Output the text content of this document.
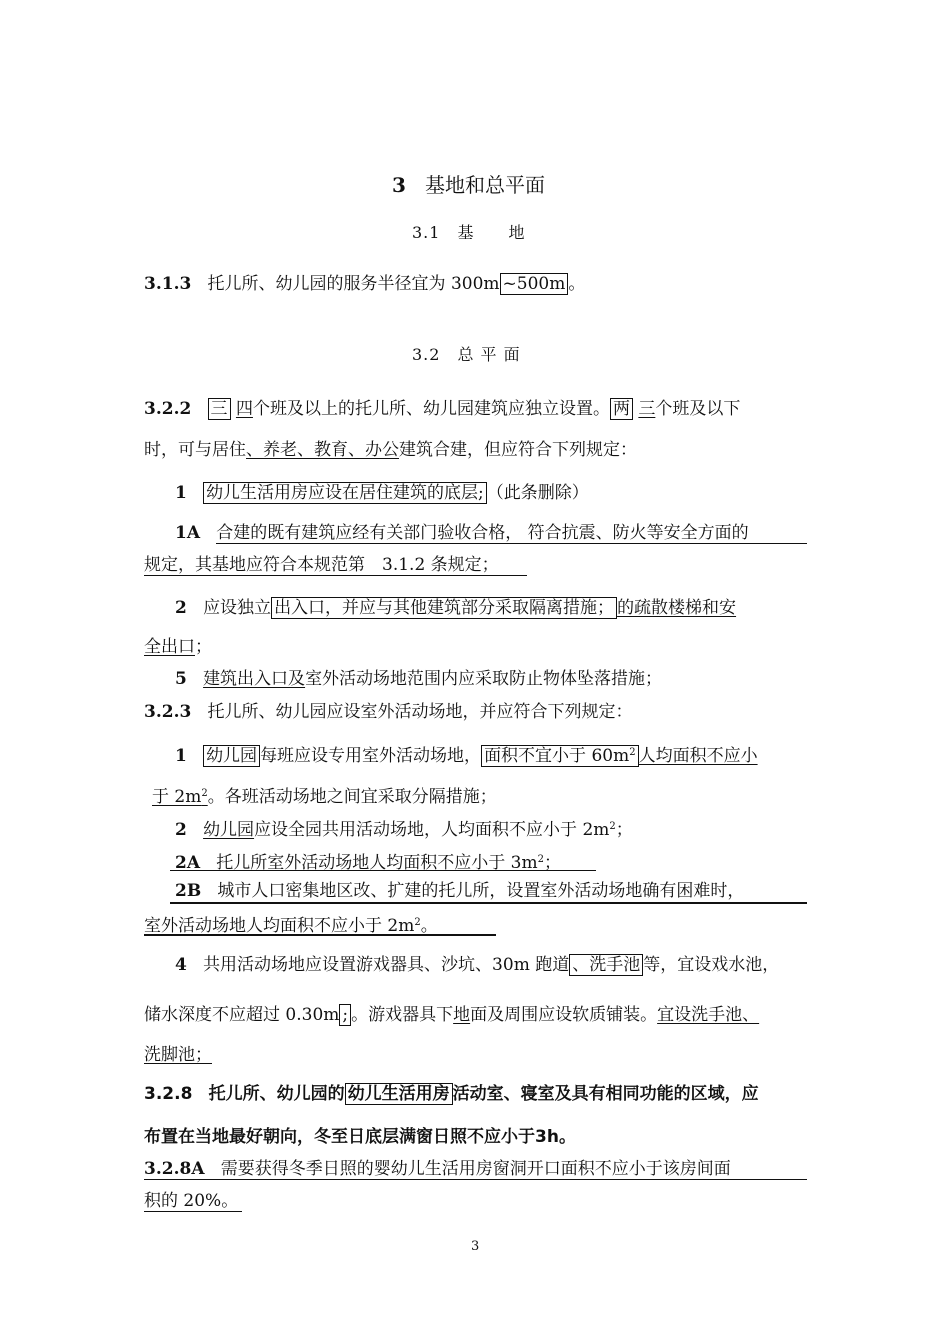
3 基地和总平面
3.1　基　　地
3.1.3 托儿所、幼儿园的服务半径宜为 300m ~500m 。
3.2　总 平 面
3.2.2 三 四个班及以上的托儿所、幼儿园建筑应独立设置。 两 三个班及以下
时，可与居住、养老、教育、办公建筑合建，但应符合下列规定：
1 幼儿生活用房应设在居住建筑的底层; （此条删除）
1A 合建的既有建筑应经有关部门验收合格， 符合抗震、防火等安全方面的
规定，其基地应符合本规范第　3.1.2 条规定；
2 应设独立 出入口，并应与其他建筑部分采取隔离措施； 的疏散楼梯和安
全出口；
5 建筑出入口及室外活动场地范围内应采取防止物体坠落措施；
3.2.3 托儿所、幼儿园应设室外活动场地，并应符合下列规定：
1 幼儿园 每班应设专用室外活动场地， 面积不宜小于 $60m^2$ 人均面积不应小
于 $2m^2$。各班活动场地之间宜采取分隔措施；
2 幼儿园应设全园共用活动场地，人均面积不应小于 $2m^2$；
2A 托儿所室外活动场地人均面积不应小于 $3m^2$；
2B 城市人口密集地区改、扩建的托儿所，设置室外活动场地确有困难时，
室外活动场地人均面积不应小于 $2m^2$。
4 共用活动场地应设置游戏器具、沙坑、30m 跑道 、洗手池 等，宜设戏水池，
储水深度不应超过 0.30m ; 。游戏器具下地面及周围应设软质铺装。宜设洗手池、
洗脚池；
3.2.8 托儿所、幼儿园的 幼儿生活用房 活动室、寝室及具有相同功能的区域，应
布置在当地最好朝向，冬至日底层满窗日照不应小于3h。
3.2.8A 需要获得冬季日照的婴幼儿生活用房窗洞开口面积不应小于该房间面
积的 20%。
3
